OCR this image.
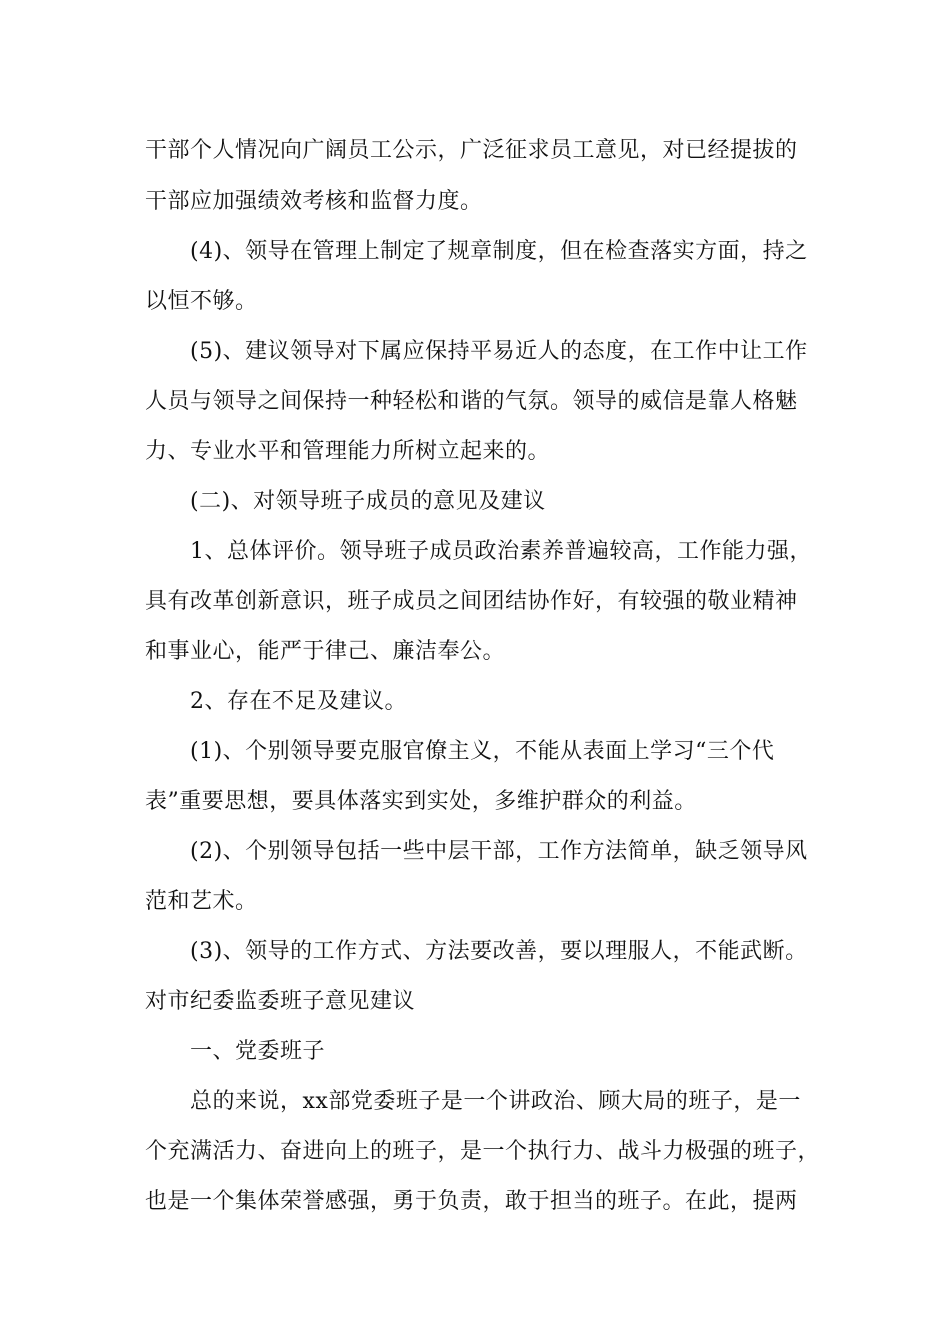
干部个人情况向广阔员工公示，广泛征求员工意见，对已经提拔的
干部应加强绩效考核和监督力度。
(4)、领导在管理上制定了规章制度，但在检查落实方面，持之
以恒不够。
(5)、建议领导对下属应保持平易近人的态度，在工作中让工作
人员与领导之间保持一种轻松和谐的气氛。领导的威信是靠人格魅
力、专业水平和管理能力所树立起来的。
(二)、对领导班子成员的意见及建议
1、总体评价。领导班子成员政治素养普遍较高，工作能力强，
具有改革创新意识，班子成员之间团结协作好，有较强的敬业精神
和事业心，能严于律己、廉洁奉公。
2、存在不足及建议。
(1)、个别领导要克服官僚主义，不能从表面上学习“三个代
表”重要思想，要具体落实到实处，多维护群众的利益。
(2)、个别领导包括一些中层干部，工作方法简单，缺乏领导风
范和艺术。
(3)、领导的工作方式、方法要改善，要以理服人，不能武断。
对市纪委监委班子意见建议
一、党委班子
总的来说，xx部党委班子是一个讲政治、顾大局的班子，是一
个充满活力、奋进向上的班子，是一个执行力、战斗力极强的班子，
也是一个集体荣誉感强，勇于负责，敢于担当的班子。在此，提两
